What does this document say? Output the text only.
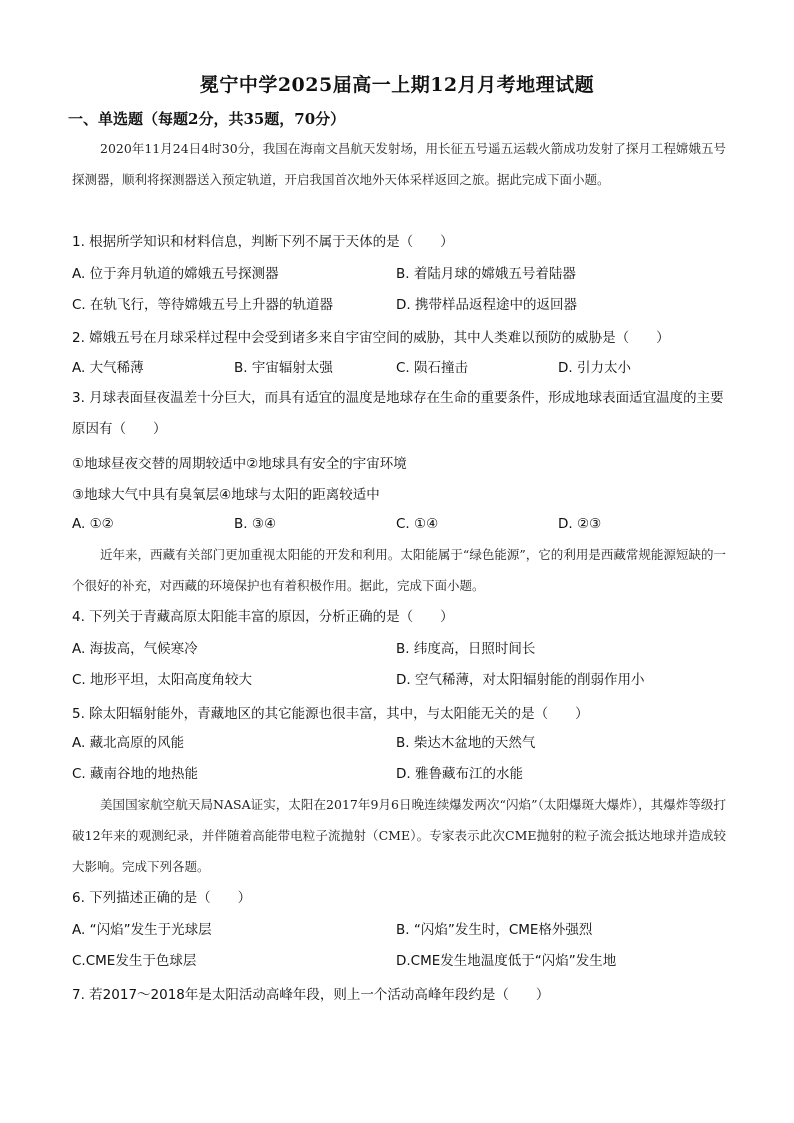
冕宁中学2025届高一上期12月月考地理试题
一、单选题（每题2分，共35题，70分）
2020年11月24日4时30分，我国在海南文昌航天发射场，用长征五号遥五运载火箭成功发射了探月工程嫦娥五号探测器，顺利将探测器送入预定轨道，开启我国首次地外天体采样返回之旅。据此完成下面小题。
1. 根据所学知识和材料信息，判断下列不属于天体的是（　　）
A. 位于奔月轨道的嫦娥五号探测器	B. 着陆月球的嫦娥五号着陆器
C. 在轨飞行，等待嫦娥五号上升器的轨道器	D. 携带样品返程途中的返回器
2. 嫦娥五号在月球采样过程中会受到诸多来自宇宙空间的威胁，其中人类难以预防的威胁是（　　）
A. 大气稀薄	B. 宇宙辐射太强	C. 陨石撞击	D. 引力太小
3. 月球表面昼夜温差十分巨大，而具有适宜的温度是地球存在生命的重要条件，形成地球表面适宜温度的主要原因有（　　）
①地球昼夜交替的周期较适中②地球具有安全的宇宙环境
③地球大气中具有臭氧层④地球与太阳的距离较适中
A. ①②	B. ③④	C. ①④	D. ②③
近年来，西藏有关部门更加重视太阳能的开发和利用。太阳能属于“绿色能源”，它的利用是西藏常规能源短缺的一个很好的补充，对西藏的环境保护也有着积极作用。据此，完成下面小题。
4. 下列关于青藏高原太阳能丰富的原因，分析正确的是（　　）
A. 海拔高，气候寒冷	B. 纬度高，日照时间长
C. 地形平坦，太阳高度角较大	D. 空气稀薄，对太阳辐射能的削弱作用小
5. 除太阳辐射能外，青藏地区的其它能源也很丰富，其中，与太阳能无关的是（　　）
A. 藏北高原的风能	B. 柴达木盆地的天然气
C. 藏南谷地的地热能	D. 雅鲁藏布江的水能
美国国家航空航天局NASA证实，太阳在2017年9月6日晚连续爆发两次“闪焰”（太阳爆斑大爆炸），其爆炸等级打破12年来的观测纪录，并伴随着高能带电粒子流抛射（CME）。专家表示此次CME抛射的粒子流会抵达地球并造成较大影响。完成下列各题。
6. 下列描述正确的是（　　）
A. “闪焰”发生于光球层	B. “闪焰”发生时，CME格外强烈
C.CME发生于色球层	D.CME发生地温度低于“闪焰”发生地
7. 若2017～2018年是太阳活动高峰年段，则上一个活动高峰年段约是（　　）
